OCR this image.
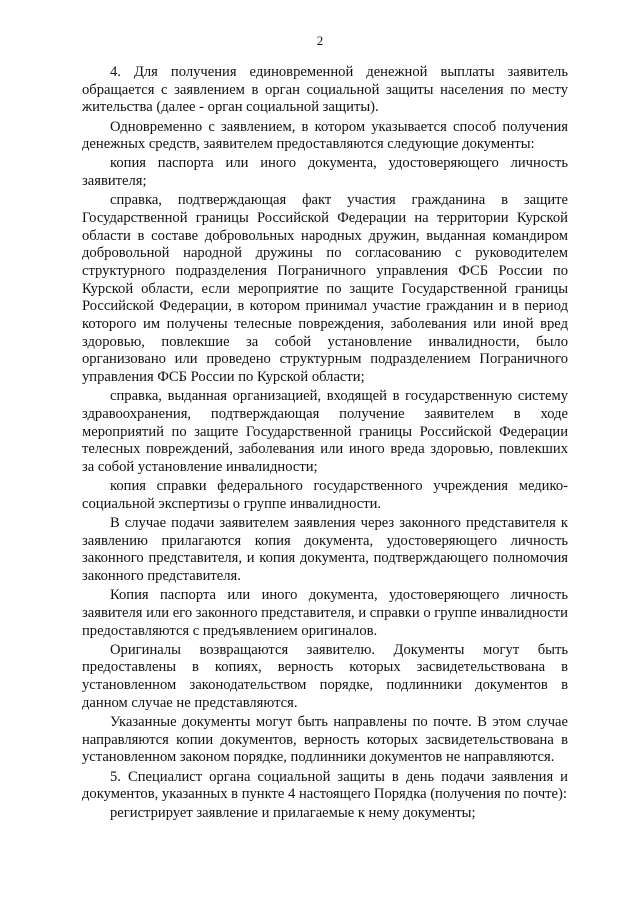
2

4. Для получения единовременной денежной выплаты заявитель обращается с заявлением в орган социальной защиты населения по месту жительства (далее - орган социальной защиты).

Одновременно с заявлением, в котором указывается способ получения денежных средств, заявителем предоставляются следующие документы:

копия паспорта или иного документа, удостоверяющего личность заявителя;

справка, подтверждающая факт участия гражданина в защите Государственной границы Российской Федерации на территории Курской области в составе добровольных народных дружин, выданная командиром добровольной народной дружины по согласованию с руководителем структурного подразделения Пограничного управления ФСБ России по Курской области, если мероприятие по защите Государственной границы Российской Федерации, в котором принимал участие гражданин и в период которого им получены телесные повреждения, заболевания или иной вред здоровью, повлекшие за собой установление инвалидности, было организовано или проведено структурным подразделением Пограничного управления ФСБ России по Курской области;

справка, выданная организацией, входящей в государственную систему здравоохранения, подтверждающая получение заявителем в ходе мероприятий по защите Государственной границы Российской Федерации телесных повреждений, заболевания или иного вреда здоровью, повлекших за собой установление инвалидности;

копия справки федерального государственного учреждения медико-социальной экспертизы о группе инвалидности.

В случае подачи заявителем заявления через законного представителя к заявлению прилагаются копия документа, удостоверяющего личность законного представителя, и копия документа, подтверждающего полномочия законного представителя.

Копия паспорта или иного документа, удостоверяющего личность заявителя или его законного представителя, и справки о группе инвалидности предоставляются с предъявлением оригиналов.

Оригиналы возвращаются заявителю. Документы могут быть предоставлены в копиях, верность которых засвидетельствована в установленном законодательством порядке, подлинники документов в данном случае не представляются.

Указанные документы могут быть направлены по почте. В этом случае направляются копии документов, верность которых засвидетельствована в установленном законом порядке, подлинники документов не направляются.

5. Специалист органа социальной защиты в день подачи заявления и документов, указанных в пункте 4 настоящего Порядка (получения по почте):

регистрирует заявление и прилагаемые к нему документы;
